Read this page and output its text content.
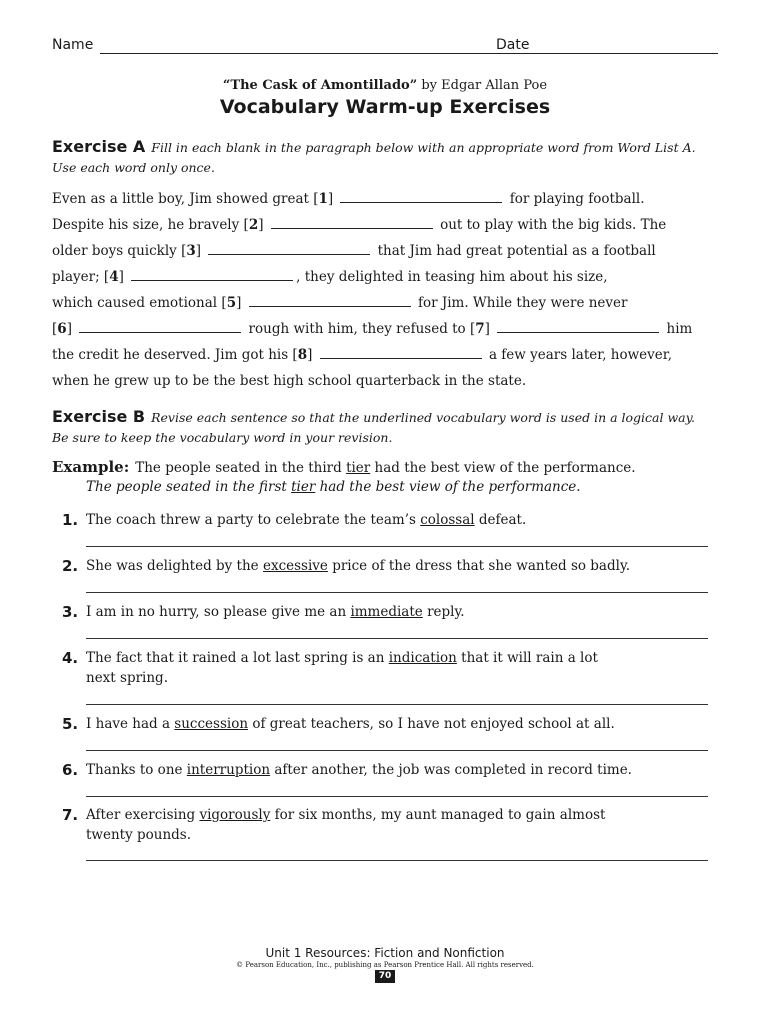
Name	Date
“The Cask of Amontillado” by Edgar Allan Poe
Vocabulary Warm-up Exercises
Exercise A Fill in each blank in the paragraph below with an appropriate word from Word List A. Use each word only once.
Even as a little boy, Jim showed great [1]	for playing football.
Despite his size, he bravely [2]	out to play with the big kids. The
older boys quickly [3]	that Jim had great potential as a football
player; [4]	, they delighted in teasing him about his size,
which caused emotional [5]	for Jim. While they were never
[6]	rough with him, they refused to [7]	him
the credit he deserved. Jim got his [8]	a few years later, however,
when he grew up to be the best high school quarterback in the state.
Exercise B Revise each sentence so that the underlined vocabulary word is used in a logical way. Be sure to keep the vocabulary word in your revision.
Example: The people seated in the third tier had the best view of the performance.
The people seated in the first tier had the best view of the performance.
1. The coach threw a party to celebrate the team’s colossal defeat.
2. She was delighted by the excessive price of the dress that she wanted so badly.
3. I am in no hurry, so please give me an immediate reply.
4. The fact that it rained a lot last spring is an indication that it will rain a lot
next spring.
5. I have had a succession of great teachers, so I have not enjoyed school at all.
6. Thanks to one interruption after another, the job was completed in record time.
7. After exercising vigorously for six months, my aunt managed to gain almost
twenty pounds.
Unit 1 Resources: Fiction and Nonfiction
© Pearson Education, Inc., publishing as Pearson Prentice Hall. All rights reserved.
70
